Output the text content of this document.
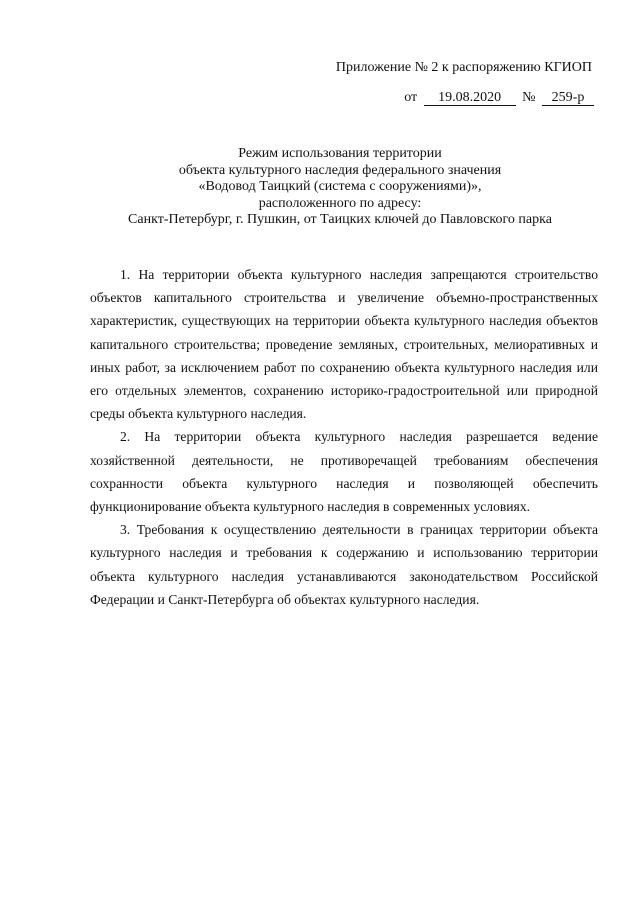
Приложение № 2 к распоряжению КГИОП
от 19.08.2020 № 259-р
Режим использования территории
объекта культурного наследия федерального значения
«Водовод Таицкий (система с сооружениями)»,
расположенного по адресу:
Санкт-Петербург, г. Пушкин, от Таицких ключей до Павловского парка

1. На территории объекта культурного наследия запрещаются строительство объектов капитального строительства и увеличение объемно-пространственных характеристик, существующих на территории объекта культурного наследия объектов капитального строительства; проведение земляных, строительных, мелиоративных и иных работ, за исключением работ по сохранению объекта культурного наследия или его отдельных элементов, сохранению историко-градостроительной или природной среды объекта культурного наследия.

2. На территории объекта культурного наследия разрешается ведение хозяйственной деятельности, не противоречащей требованиям обеспечения сохранности объекта культурного наследия и позволяющей обеспечить функционирование объекта культурного наследия в современных условиях.

3. Требования к осуществлению деятельности в границах территории объекта культурного наследия и требования к содержанию и использованию территории объекта культурного наследия устанавливаются законодательством Российской Федерации и Санкт-Петербурга об объектах культурного наследия.
